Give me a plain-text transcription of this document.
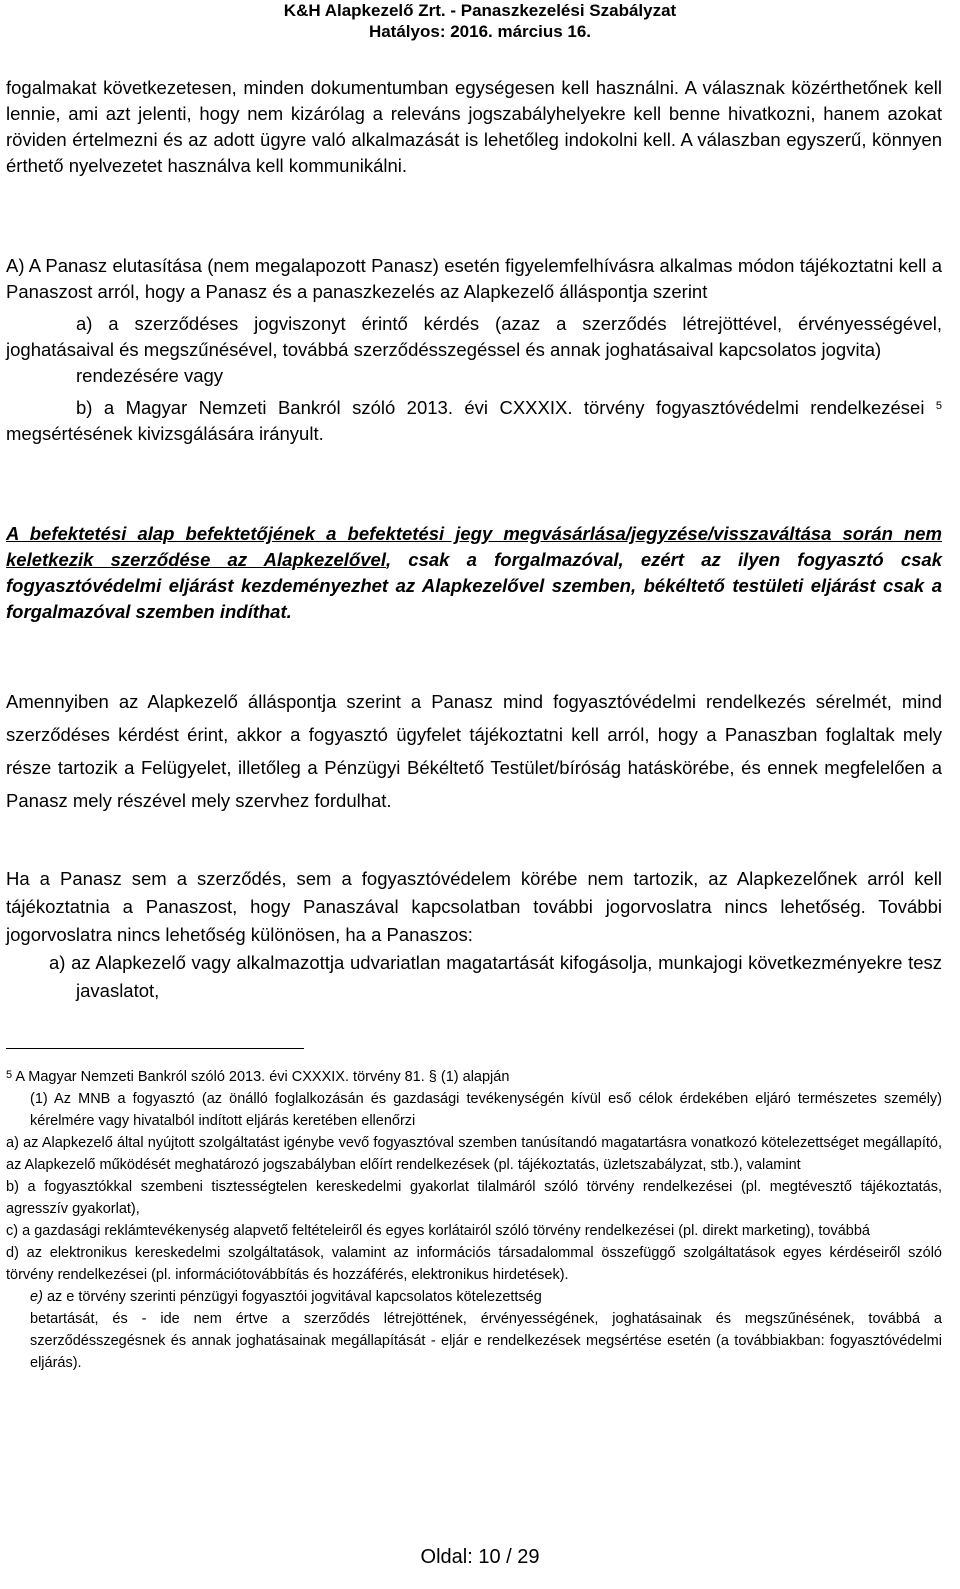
K&H Alapkezelő Zrt. - Panaszkezelési Szabályzat
Hatályos: 2016. március 16.

fogalmakat következetesen, minden dokumentumban egységesen kell használni. A válasznak közérthetőnek kell lennie, ami azt jelenti, hogy nem kizárólag a releváns jogszabályhelyekre kell benne hivatkozni, hanem azokat röviden értelmezni és az adott ügyre való alkalmazását is lehetőleg indokolni kell. A válaszban egyszerű, könnyen érthető nyelvezetet használva kell kommunikálni.

A) A Panasz elutasítása (nem megalapozott Panasz) esetén figyelemfelhívásra alkalmas módon tájékoztatni kell a Panaszost arról, hogy a Panasz és a panaszkezelés az Alapkezelő álláspontja szerint

a) a szerződéses jogviszonyt érintő kérdés (azaz a szerződés létrejöttével, érvényességével, joghatásaival és megszűnésével, továbbá szerződésszegéssel és annak joghatásaival kapcsolatos jogvita)

rendezésére vagy

b) a Magyar Nemzeti Bankról szóló 2013. évi CXXXIX. törvény fogyasztóvédelmi rendelkezései $^5$ megsértésének kivizsgálására irányult.

A befektetési alap befektetőjének a befektetési jegy megvásárlása/jegyzése/visszaváltása során nem keletkezik szerződése az Alapkezelővel, csak a forgalmazóval, ezért az ilyen fogyasztó csak fogyasztóvédelmi eljárást kezdeményezhet az Alapkezelővel szemben, békéltető testületi eljárást csak a forgalmazóval szemben indíthat.

Amennyiben az Alapkezelő álláspontja szerint a Panasz mind fogyasztóvédelmi rendelkezés sérelmét, mind szerződéses kérdést érint, akkor a fogyasztó ügyfelet tájékoztatni kell arról, hogy a Panaszban foglaltak mely része tartozik a Felügyelet, illetőleg a Pénzügyi Békéltető Testület/bíróság hatáskörébe, és ennek megfelelően a Panasz mely részével mely szervhez fordulhat.

Ha a Panasz sem a szerződés, sem a fogyasztóvédelem körébe nem tartozik, az Alapkezelőnek arról kell tájékoztatnia a Panaszost, hogy Panaszával kapcsolatban további jogorvoslatra nincs lehetőség. További jogorvoslatra nincs lehetőség különösen, ha a Panaszos:

a) az Alapkezelő vagy alkalmazottja udvariatlan magatartását kifogásolja, munkajogi következményekre tesz javaslatot,

$^5$ A Magyar Nemzeti Bankról szóló 2013. évi CXXXIX. törvény 81. § (1) alapján

(1) Az MNB a fogyasztó (az önálló foglalkozásán és gazdasági tevékenységén kívül eső célok érdekében eljáró természetes személy) kérelmére vagy hivatalból indított eljárás keretében ellenőrzi

a) az Alapkezelő által nyújtott szolgáltatást igénybe vevő fogyasztóval szemben tanúsítandó magatartásra vonatkozó kötelezettséget megállapító, az Alapkezelő működését meghatározó jogszabályban előírt rendelkezések (pl. tájékoztatás, üzletszabályzat, stb.), valamint

b) a fogyasztókkal szembeni tisztességtelen kereskedelmi gyakorlat tilalmáról szóló törvény rendelkezései (pl. megtévesztő tájékoztatás, agresszív gyakorlat),

c) a gazdasági reklámtevékenység alapvető feltételeiről és egyes korlátairól szóló törvény rendelkezései (pl. direkt marketing), továbbá

d) az elektronikus kereskedelmi szolgáltatások, valamint az információs társadalommal összefüggő szolgáltatások egyes kérdéseiről szóló törvény rendelkezései (pl. információtovábbítás és hozzáférés, elektronikus hirdetések).

e) az e törvény szerinti pénzügyi fogyasztói jogvitával kapcsolatos kötelezettség

betartását, és - ide nem értve a szerződés létrejöttének, érvényességének, joghatásainak és megszűnésének, továbbá a szerződésszegésnek és annak joghatásainak megállapítását - eljár e rendelkezések megsértése esetén (a továbbiakban: fogyasztóvédelmi eljárás).

Oldal: 10 / 29
